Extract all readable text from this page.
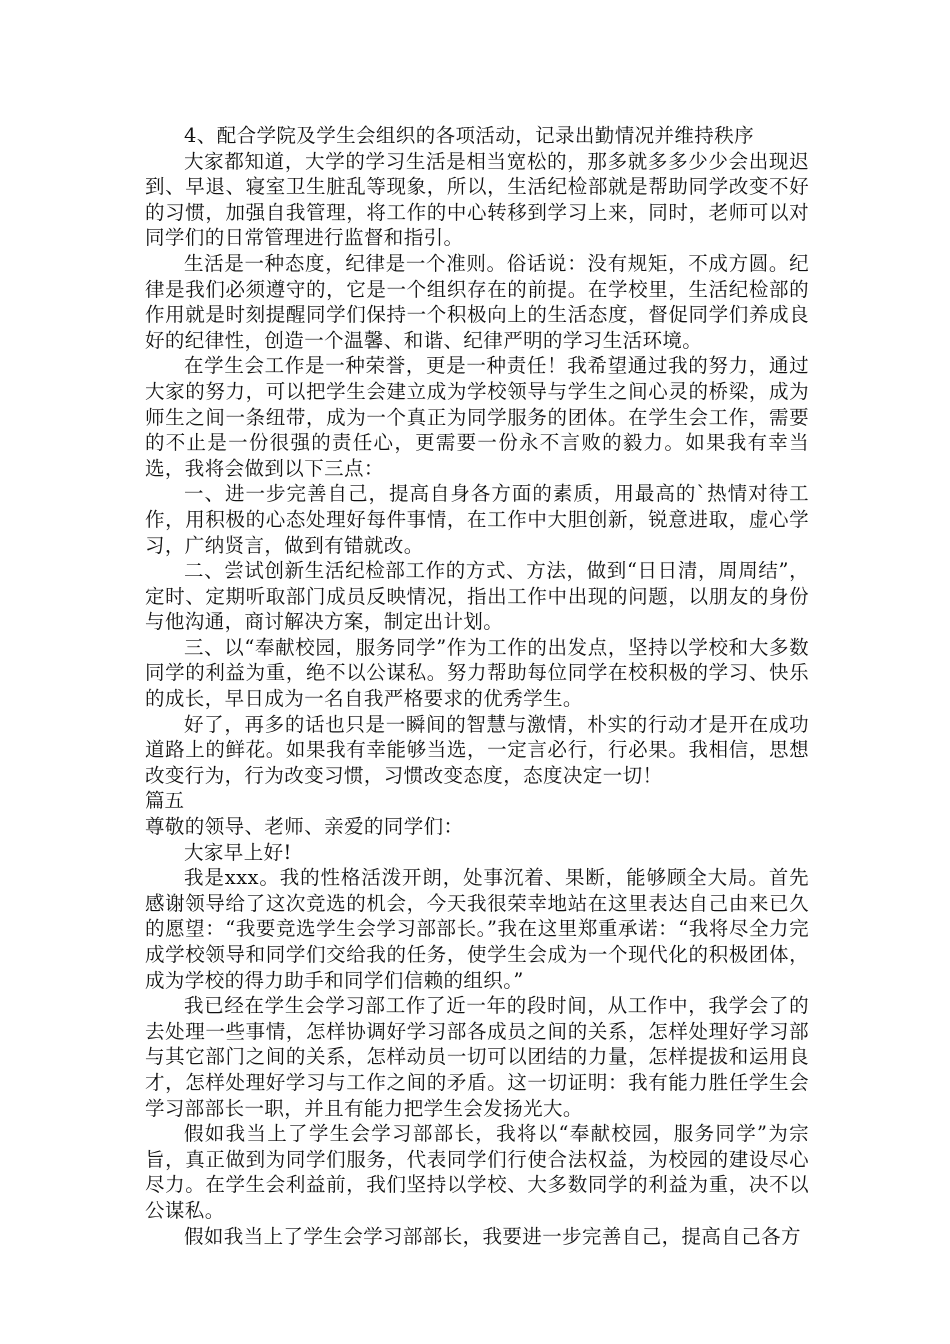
4、配合学院及学生会组织的各项活动，记录出勤情况并维持秩序

大家都知道，大学的学习生活是相当宽松的，那多就多多少少会出现迟到、早退、寝室卫生脏乱等现象，所以，生活纪检部就是帮助同学改变不好的习惯，加强自我管理，将工作的中心转移到学习上来，同时，老师可以对同学们的日常管理进行监督和指引。

生活是一种态度，纪律是一个准则。俗话说：没有规矩，不成方圆。纪律是我们必须遵守的，它是一个组织存在的前提。在学校里，生活纪检部的作用就是时刻提醒同学们保持一个积极向上的生活态度，督促同学们养成良好的纪律性，创造一个温馨、和谐、纪律严明的学习生活环境。

在学生会工作是一种荣誉，更是一种责任！我希望通过我的努力，通过大家的努力，可以把学生会建立成为学校领导与学生之间心灵的桥梁，成为师生之间一条纽带，成为一个真正为同学服务的团体。在学生会工作，需要的不止是一份很强的责任心，更需要一份永不言败的毅力。如果我有幸当选，我将会做到以下三点：

一、进一步完善自己，提高自身各方面的素质，用最高的`热情对待工作，用积极的心态处理好每件事情，在工作中大胆创新，锐意进取，虚心学习，广纳贤言，做到有错就改。

二、尝试创新生活纪检部工作的方式、方法，做到“日日清，周周结”，定时、定期听取部门成员反映情况，指出工作中出现的问题，以朋友的身份与他沟通，商讨解决方案，制定出计划。

三、以“奉献校园，服务同学”作为工作的出发点，坚持以学校和大多数同学的利益为重，绝不以公谋私。努力帮助每位同学在校积极的学习、快乐的成长，早日成为一名自我严格要求的优秀学生。

好了，再多的话也只是一瞬间的智慧与激情，朴实的行动才是开在成功道路上的鲜花。如果我有幸能够当选，一定言必行，行必果。我相信，思想改变行为，行为改变习惯，习惯改变态度，态度决定一切！

篇五

尊敬的领导、老师、亲爱的同学们：

大家早上好!

我是xxx。我的性格活泼开朗，处事沉着、果断，能够顾全大局。首先感谢领导给了这次竞选的机会，今天我很荣幸地站在这里表达自己由来已久的愿望：“我要竞选学生会学习部部长。”我在这里郑重承诺：“我将尽全力完成学校领导和同学们交给我的任务，使学生会成为一个现代化的积极团体，成为学校的得力助手和同学们信赖的组织。”

我已经在学生会学习部工作了近一年的段时间，从工作中，我学会了的去处理一些事情，怎样协调好学习部各成员之间的关系，怎样处理好学习部与其它部门之间的关系，怎样动员一切可以团结的力量，怎样提拔和运用良才，怎样处理好学习与工作之间的矛盾。这一切证明：我有能力胜任学生会学习部部长一职，并且有能力把学生会发扬光大。

假如我当上了学生会学习部部长，我将以“奉献校园，服务同学”为宗旨，真正做到为同学们服务，代表同学们行使合法权益，为校园的建设尽心尽力。在学生会利益前，我们坚持以学校、大多数同学的利益为重，决不以公谋私。

假如我当上了学生会学习部部长，我要进一步完善自己，提高自己各方
